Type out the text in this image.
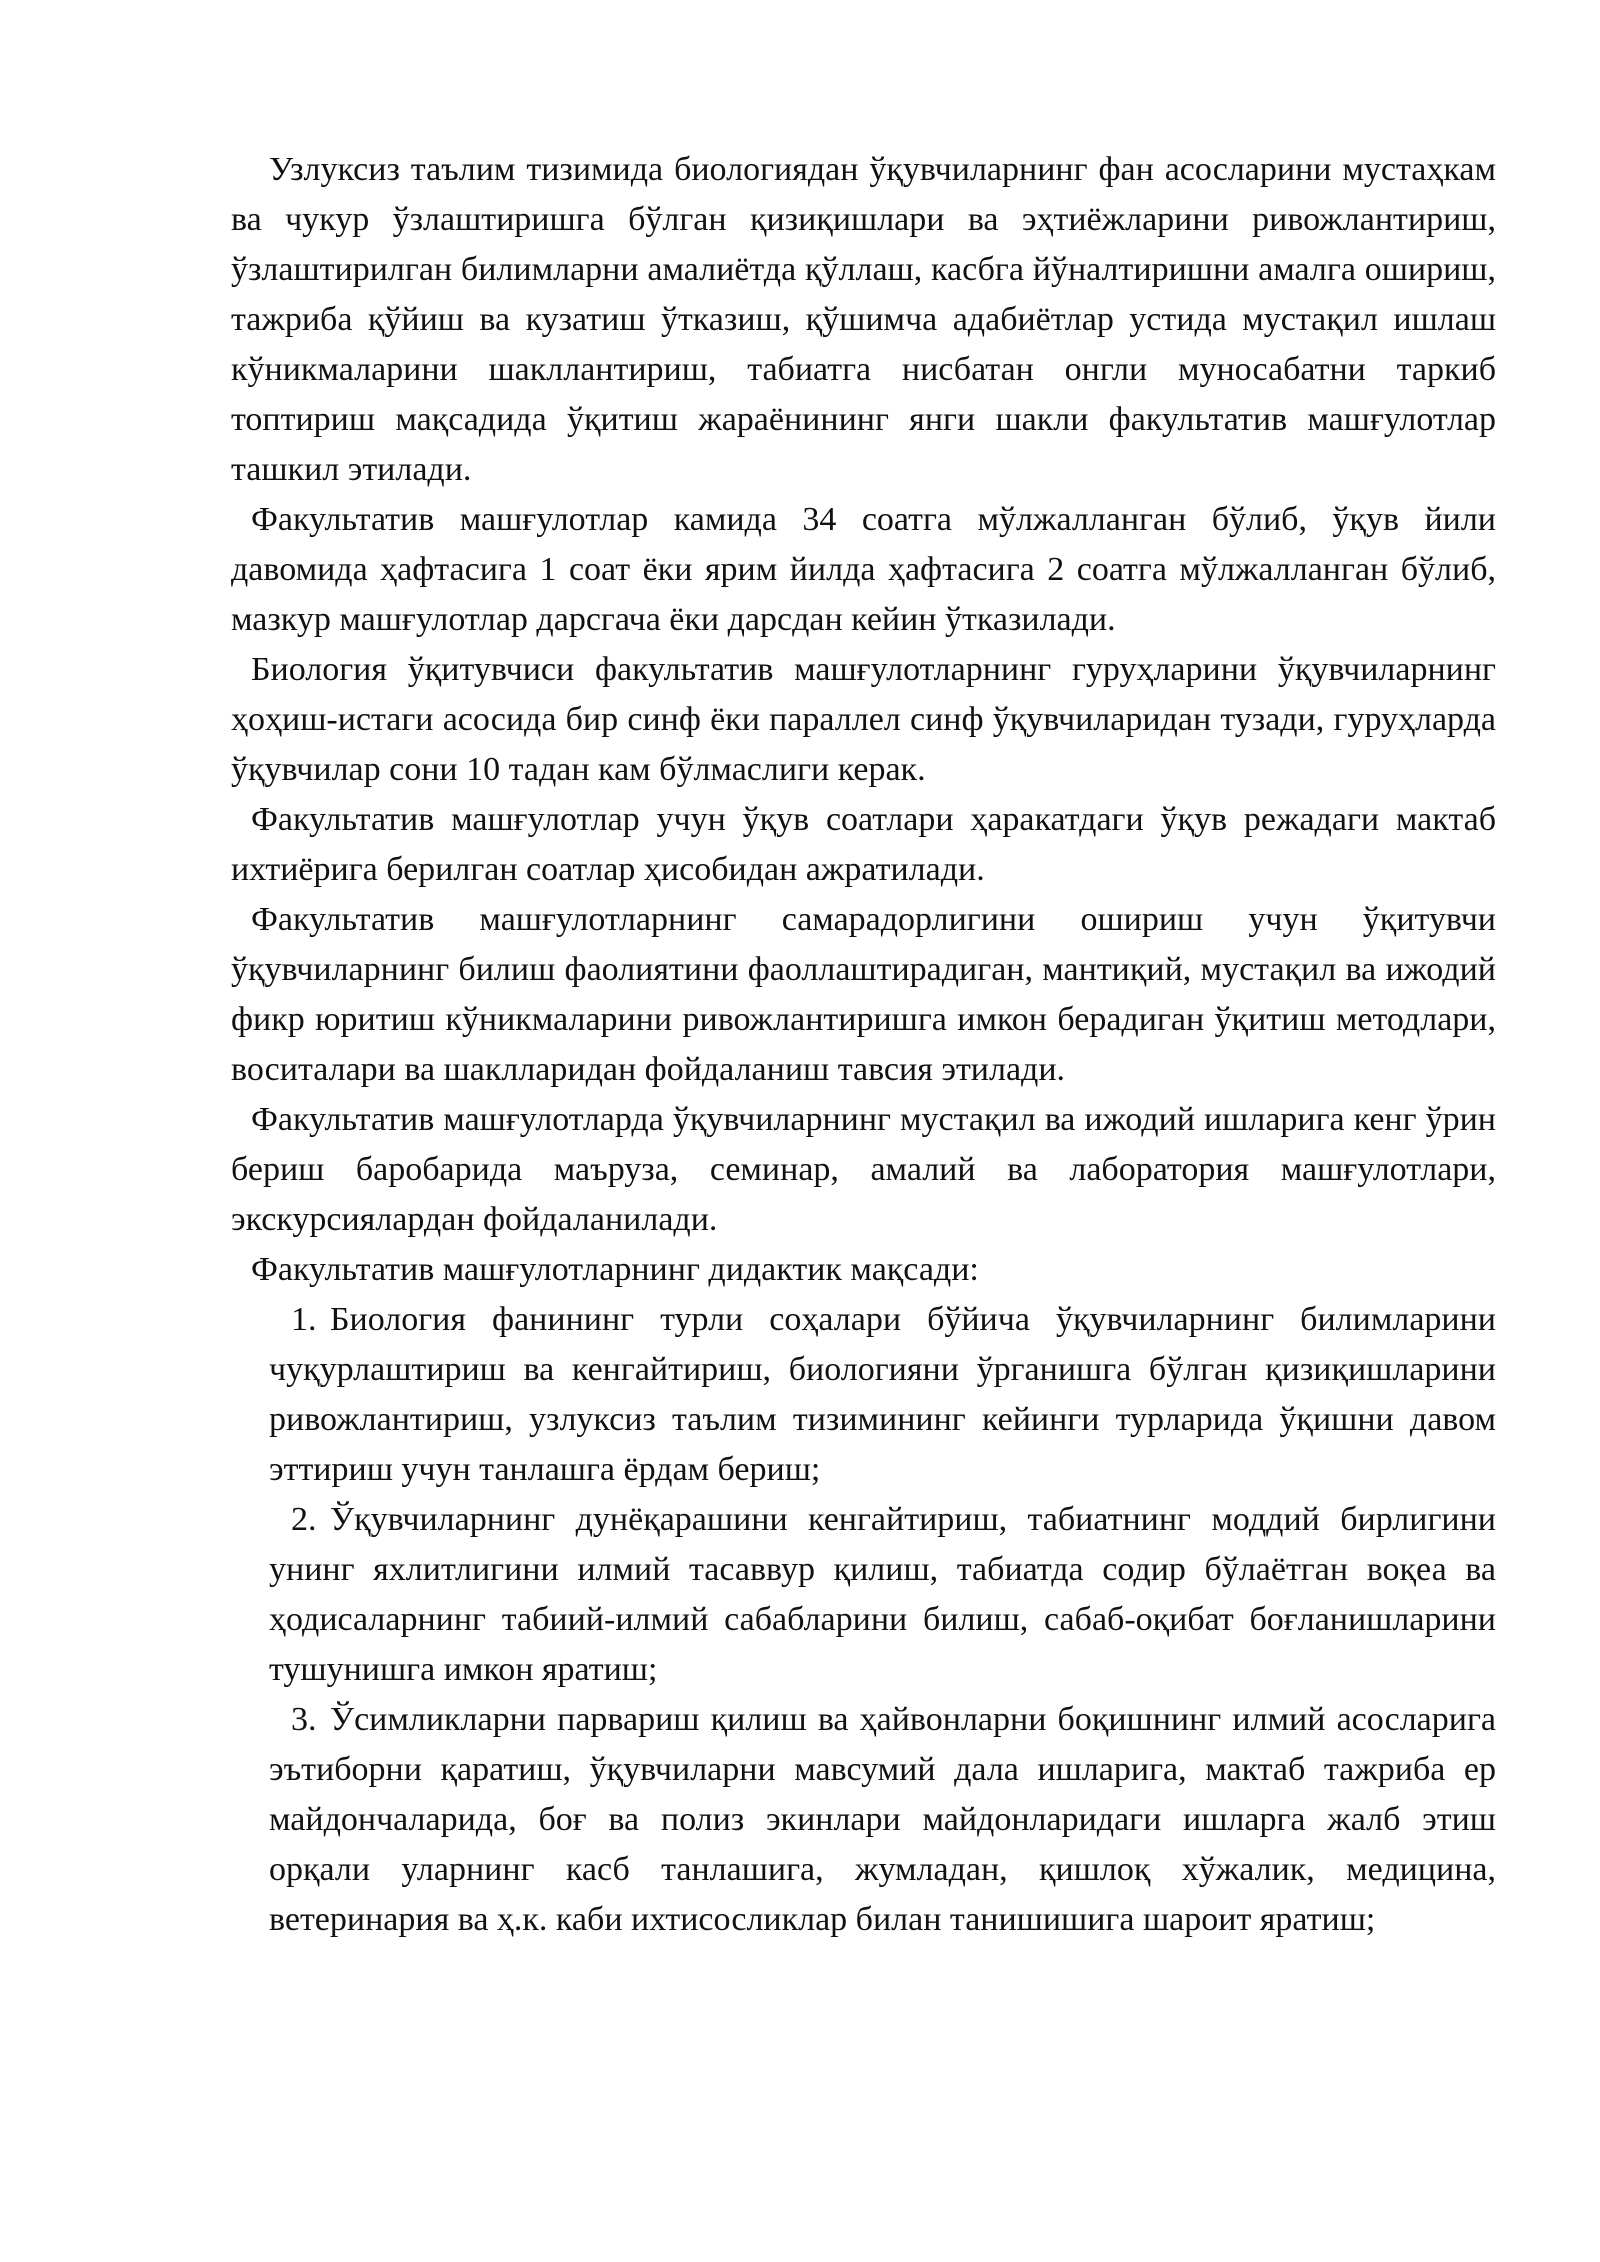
Узлуксиз таълим тизимида биологиядан ўқувчиларнинг фан асосларини мустаҳкам ва чукур ўзлаштиришга бўлган қизиқишлари ва эҳтиёжларини ривожлантириш, ўзлаштирилган билимларни амалиётда қўллаш, касбга йўналтиришни амалга ошириш, тажриба қўйиш ва кузатиш ўтказиш, қўшимча адабиётлар устида мустақил ишлаш кўникмаларини шакллантириш, табиатга нисбатан онгли муносабатни таркиб топтириш мақсадида ўқитиш жараёнининг янги шакли факультатив машғулотлар ташкил этилади.

Факультатив машғулотлар камида 34 соатга мўлжалланган бўлиб, ўқув йили давомида ҳафтасига 1 соат ёки ярим йилда ҳафтасига 2 соатга мўлжалланган бўлиб, мазкур машғулотлар дарсгача ёки дарсдан кейин ўтказилади.

Биология ўқитувчиси факультатив машғулотларнинг гуруҳларини ўқувчиларнинг ҳоҳиш-истаги асосида бир синф ёки параллел синф ўқувчиларидан тузади, гуруҳларда ўқувчилар сони 10 тадан кам бўлмаслиги керак.

Факультатив машғулотлар учун ўқув соатлари ҳаракатдаги ўқув режадаги мактаб ихтиёрига берилган соатлар ҳисобидан ажратилади.

Факультатив машғулотларнинг самарадорлигини ошириш учун ўқитувчи ўқувчиларнинг билиш фаолиятини фаоллаштирадиган, мантиқий, мустақил ва ижодий фикр юритиш кўникмаларини ривожлантиришга имкон берадиган ўқитиш методлари, воситалари ва шаклларидан фойдаланиш тавсия этилади.

Факультатив машғулотларда ўқувчиларнинг мустақил ва ижодий ишларига кенг ўрин бериш баробарида маъруза, семинар, амалий ва лаборатория машғулотлари, экскурсиялардан фойдаланилади.

Факультатив машғулотларнинг дидактик мақсади:

1. Биология фанининг турли соҳалари бўйича ўқувчиларнинг билимларини чуқурлаштириш ва кенгайтириш, биологияни ўрганишга бўлган қизиқишларини ривожлантириш, узлуксиз таълим тизимининг кейинги турларида ўқишни давом эттириш учун танлашга ёрдам бериш;
2. Ўқувчиларнинг дунёқарашини кенгайтириш, табиатнинг моддий бирлигини унинг яхлитлигини илмий тасаввур қилиш, табиатда содир бўлаётган воқеа ва ҳодисаларнинг табиий-илмий сабабларини билиш, сабаб-оқибат боғланишларини тушунишга имкон яратиш;
3. Ўсимликларни парвариш қилиш ва ҳайвонларни боқишнинг илмий асосларига эътиборни қаратиш, ўқувчиларни мавсумий дала ишларига, мактаб тажриба ер майдончаларида, боғ ва полиз экинлари майдонларидаги ишларга жалб этиш орқали уларнинг касб танлашига, жумладан, қишлоқ хўжалик, медицина, ветеринария ва ҳ.к. каби ихтисосликлар билан танишишига шароит яратиш;
